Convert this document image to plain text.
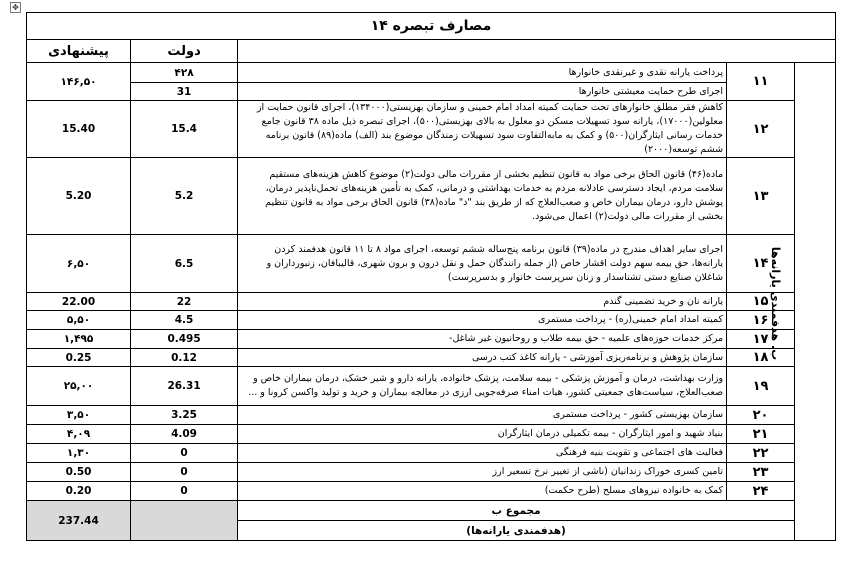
✥
مصارف تبصره ۱۴				
			دولت	پیشنهادی
ب. هدفمندی یارانه‌ها	۱۱	پرداخت یارانه نقدی و غیرنقدی خانوارها	۴۲۸	۱۴۶,۵۰
		اجرای طرح حمایت معیشتی خانوارها	31	
	۱۲	کاهش فقر مطلق خانوارهای تحت حمایت کمیته امداد امام خمینی و سازمان بهزیستی(۱۳۴۰۰۰)، اجرای قانون حمایت از معلولین(۱۷۰۰۰)، یارانه سود تسهیلات مسکن دو معلول به بالای بهزیستی(۵۰۰)، اجرای تبصره ذیل ماده ۳۸ قانون جامع خدمات رسانی ایثارگران(۵۰۰) و کمک به مابه‌التفاوت سود تسهیلات زمندگان موضوع بند (الف) ماده(۸۹) قانون برنامه ششم توسعه(۲۰۰۰)	15.4	15.40
	۱۳	ماده(۴۶) قانون الحاق برخی مواد به قانون تنظیم بخشی از مقررات مالی دولت(۲) موضوع کاهش هزینه‌های مستقیم سلامت مردم، ایجاد دسترسی عادلانه مردم به خدمات بهداشتی و درمانی، کمک به تأمین هزینه‌های تحمل‌ناپذیر درمان، پوشش دارو، درمان بیماران خاص و صعب‌العلاج که از طریق بند "د" ماده(۳۸) قانون الحاق برخی مواد به قانون تنظیم بخشی از مقررات مالی دولت(۲) اعمال می‌شود.	5.2	5.20
	۱۴	اجرای سایر اهداف مندرج در ماده(۳۹) قانون برنامه پنج‌ساله ششم توسعه، اجرای مواد ۸ تا ۱۱ قانون هدفمند کردن یارانه‌ها، حق بیمه سهم دولت اقشار خاص (از جمله رانندگان حمل و نقل درون و برون شهری، قالیبافان، زنبورداران و شاغلان صنایع دستی تشناسدار و زنان سرپرست خانوار و بدسرپرست)	6.5	۶,۵۰
	۱۵	یارانه نان و خرید تضمینی گندم	22	22.00
	۱۶	کمیته امداد امام خمینی(ره) - پرداخت مستمری	4.5	۵,۵۰
	۱۷	مرکز خدمات حوزه‌های علمیه - حق بیمه طلاب و روحانیون غیر شاغل-	0.495	۱,۴۹۵
	۱۸	سازمان پژوهش و برنامه‌ریزی آموزشی - یارانه کاغذ کتب درسی	0.12	0.25
	۱۹	وزارت بهداشت، درمان و آموزش پزشکی - بیمه سلامت، پزشک خانواده، یارانه دارو و شیر خشک، درمان بیماران خاص و صعب‌العلاج، سیاست‌های جمعیتی کشور، هیات امناء صرفه‌جویی ارزی در معالجه بیماران و خرید و تولید واکسن کرونا و ...	26.31	۲۵,۰۰
	۲۰	سازمان بهزیستی کشور - پرداخت مستمری	3.25	۳,۵۰
	۲۱	بنیاد شهید و امور ایثارگران - بیمه تکمیلی درمان ایثارگران	4.09	۴,۰۹
	۲۲	فعالیت های اجتماعی و تقویت بنیه فرهنگی	0	۱,۳۰
	۲۳	تامین کسری خوراک زندانیان (ناشی از تغییر نرخ تسعیر ارز	0	0.50
	۲۴	کمک به خانواده نیروهای مسلح (طرح حکمت)	0	0.20
	مجموع ب			237.44
	(هدفمندی یارانه‌ها)			
